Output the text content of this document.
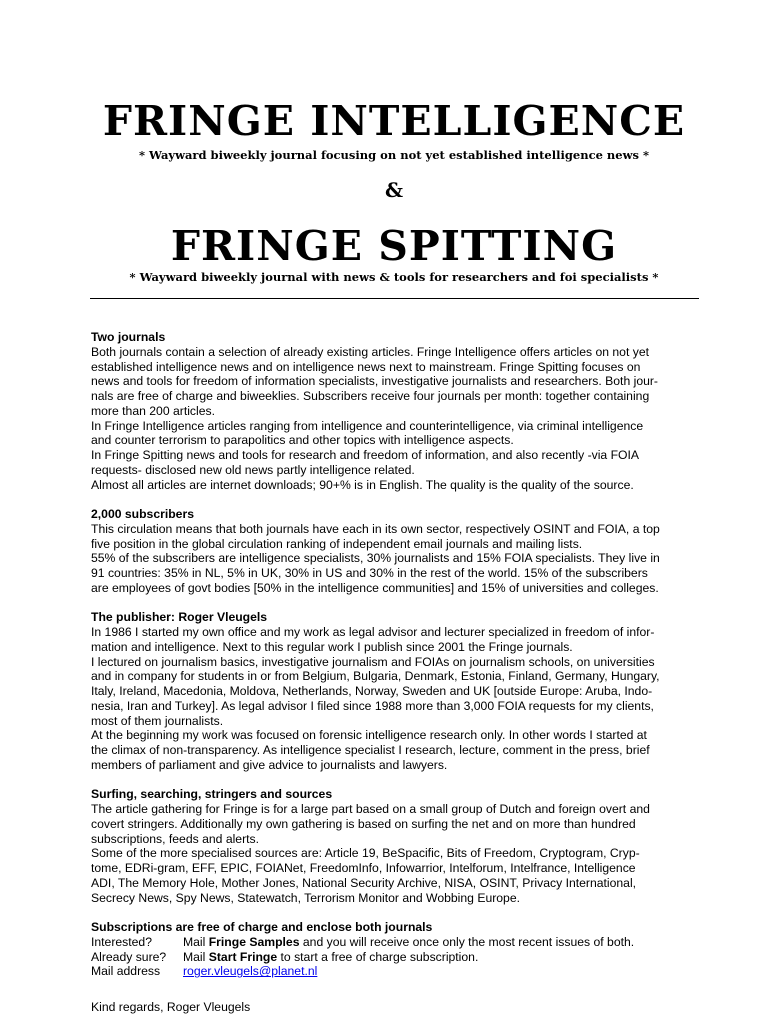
FRINGE INTELLIGENCE
* Wayward biweekly journal focusing on not yet established intelligence news *
&
FRINGE SPITTING
* Wayward biweekly journal with news & tools for researchers and foi specialists *

Two journals

Both journals contain a selection of already existing articles. Fringe Intelligence offers articles on not yet

established intelligence news and on intelligence news next to mainstream. Fringe Spitting focuses on

news and tools for freedom of information specialists, investigative journalists and researchers. Both jour-

nals are free of charge and biweeklies. Subscribers receive four journals per month: together containing

more than 200 articles.

In Fringe Intelligence articles ranging from intelligence and counterintelligence, via criminal intelligence

and counter terrorism to parapolitics and other topics with intelligence aspects.

In Fringe Spitting news and tools for research and freedom of information, and also recently -via FOIA

requests- disclosed new old news partly intelligence related.

Almost all articles are internet downloads; 90+% is in English. The quality is the quality of the source.

2,000 subscribers

This circulation means that both journals have each in its own sector, respectively OSINT and FOIA, a top

five position in the global circulation ranking of independent email journals and mailing lists.

55% of the subscribers are intelligence specialists, 30% journalists and 15% FOIA specialists. They live in

91 countries: 35% in NL, 5% in UK, 30% in US and 30% in the rest of the world. 15% of the subscribers

are employees of govt bodies [50% in the intelligence communities] and 15% of universities and colleges.

The publisher: Roger Vleugels

In 1986 I started my own office and my work as legal advisor and lecturer specialized in freedom of infor-

mation and intelligence. Next to this regular work I publish since 2001 the Fringe journals.

I lectured on journalism basics, investigative journalism and FOIAs on journalism schools, on universities

and in company for students in or from Belgium, Bulgaria, Denmark, Estonia, Finland, Germany, Hungary,

Italy, Ireland, Macedonia, Moldova, Netherlands, Norway, Sweden and UK [outside Europe: Aruba, Indo-

nesia, Iran and Turkey]. As legal advisor I filed since 1988 more than 3,000 FOIA requests for my clients,

most of them journalists.

At the beginning my work was focused on forensic intelligence research only. In other words I started at

the climax of non-transparency. As intelligence specialist I research, lecture, comment in the press, brief

members of parliament and give advice to journalists and lawyers.

Surfing, searching, stringers and sources

The article gathering for Fringe is for a large part based on a small group of Dutch and foreign overt and

covert stringers. Additionally my own gathering is based on surfing the net and on more than hundred

subscriptions, feeds and alerts.

Some of the more specialised sources are: Article 19, BeSpacific, Bits of Freedom, Cryptogram, Cryp-

tome, EDRi-gram, EFF, EPIC, FOIANet, FreedomInfo, Infowarrior, Intelforum, Intelfrance, Intelligence

ADI, The Memory Hole, Mother Jones, National Security Archive, NISA, OSINT, Privacy International,

Secrecy News, Spy News, Statewatch, Terrorism Monitor and Wobbing Europe.

Subscriptions are free of charge and enclose both journals

Interested?	Mail Fringe Samples and you will receive once only the most recent issues of both.
Already sure?	Mail Start Fringe to start a free of charge subscription.
Mail address	roger.vleugels@planet.nl

Kind regards, Roger Vleugels
